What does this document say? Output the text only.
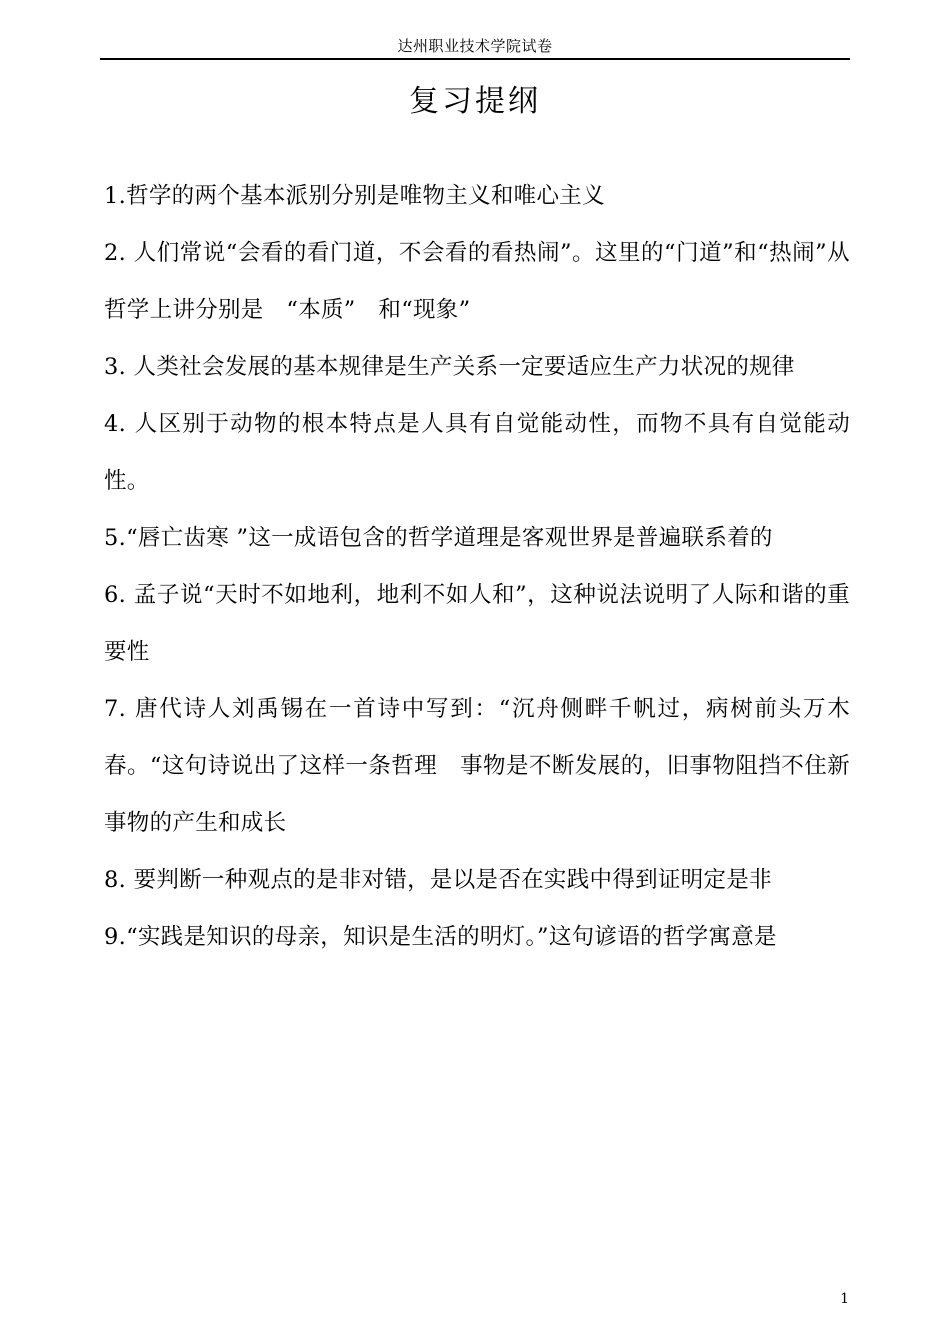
达州职业技术学院试卷
复习提纲
1.哲学的两个基本派别分别是唯物主义和唯心主义
2. 人们常说“会看的看门道，不会看的看热闹”。这里的“门道”和“热闹”从哲学上讲分别是　“本质”　和“现象”
3. 人类社会发展的基本规律是生产关系一定要适应生产力状况的规律
4. 人区别于动物的根本特点是人具有自觉能动性，而物不具有自觉能动性。
5.“唇亡齿寒 ”这一成语包含的哲学道理是客观世界是普遍联系着的
6. 孟子说“天时不如地利，地利不如人和”，这种说法说明了人际和谐的重要性
7. 唐代诗人刘禹锡在一首诗中写到：“沉舟侧畔千帆过，病树前头万木春。“这句诗说出了这样一条哲理　事物是不断发展的，旧事物阻挡不住新事物的产生和成长
8. 要判断一种观点的是非对错，是以是否在实践中得到证明定是非
9.“实践是知识的母亲，知识是生活的明灯。”这句谚语的哲学寓意是
1
